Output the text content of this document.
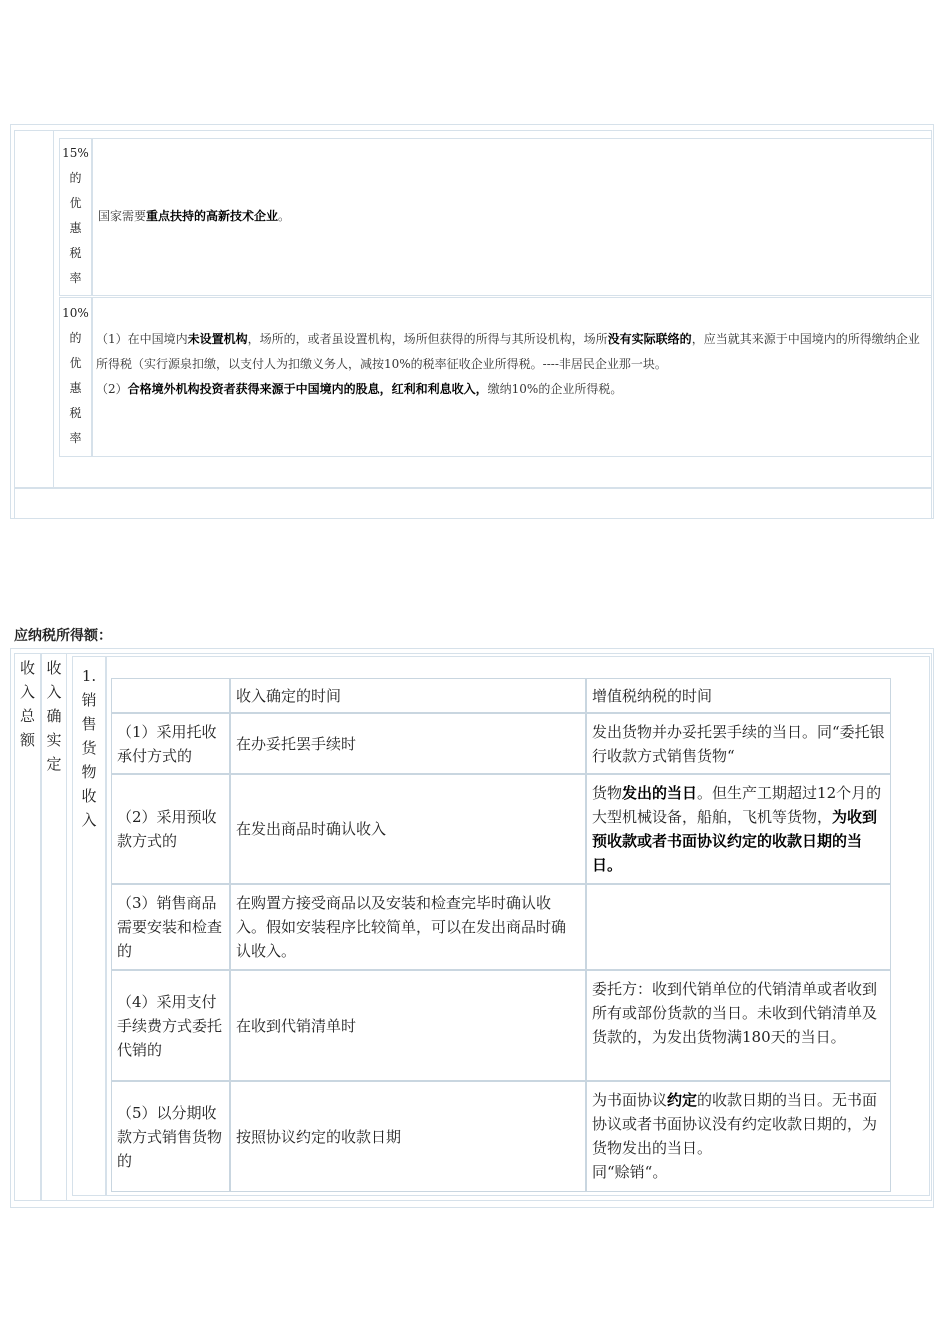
15%
的
优
惠
税
率
国家需要重点扶持的高新技术企业。
10%
的
优
惠
税
率
（1）在中国境内未设置机构，场所的，或者虽设置机构，场所但获得的所得与其所设机构，场所没有实际联络的，应当就其来源于中国境内的所得缴纳企业所得税（实行源泉扣缴，以支付人为扣缴义务人，减按10%的税率征收企业所得税。----非居民企业那一块。
（2）合格境外机构投资者获得来源于中国境内的股息，红利和利息收入，缴纳10%的企业所得税。
应纳税所得额：
收
入
总
额
收
入
确
实
定
1.
销
售
货
物
收
入
收入确定的时间	增值税纳税的时间
（1）采用托收承付方式的
在办妥托罢手续时
发出货物并办妥托罢手续的当日。同“委托银行收款方式销售货物“
（2）采用预收款方式的
在发出商品时确认收入
货物发出的当日。但生产工期超过12个月的大型机械设备，船舶，飞机等货物，为收到预收款或者书面协议约定的收款日期的当日。
（3）销售商品需要安装和检查的
在购置方接受商品以及安装和检查完毕时确认收入。假如安装程序比较简单，可以在发出商品时确认收入。
（4）采用支付手续费方式委托代销的
在收到代销清单时
委托方：收到代销单位的代销清单或者收到所有或部份货款的当日。未收到代销清单及货款的，为发出货物满180天的当日。
（5）以分期收款方式销售货物的
按照协议约定的收款日期
为书面协议约定的收款日期的当日。无书面协议或者书面协议没有约定收款日期的，为货物发出的当日。
同“赊销“。
